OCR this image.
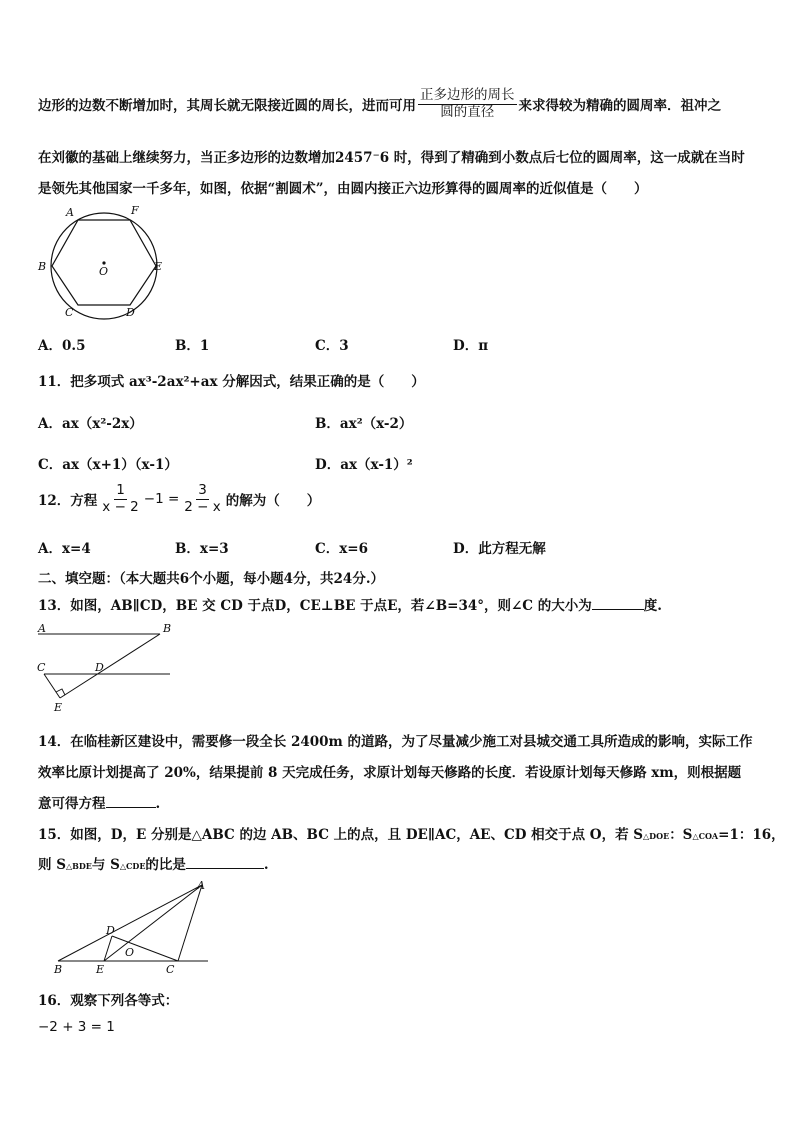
边形的边数不断增加时，其周长就无限接近圆的周长，进而可用 $\frac{\text{正多边形的周长}}{\text{圆的直径}}$ 来求得较为精确的圆周率．祖冲之
在刘徽的基础上继续努力，当正多边形的边数增加2457⁻6 时，得到了精确到小数点后七位的圆周率，这一成就在当时
是领先其他国家一千多年，如图，依据“割圆术”，由圆内接正六边形算得的圆周率的近似值是（　　）
A	F
B	O	E
C	D
A．0.5	B．1	C．3	D．π
11．把多项式 ax³-2ax²+ax 分解因式，结果正确的是（　　）
A．ax（x²-2x）	B．ax²（x-2）
C．ax（x+1）（x-1）	D．ax（x-1）²
12．方程 $\frac{1}{x - 2} -1 = \frac{3}{2 - x}$ 的解为（　　）
A．x=4	B．x=3	C．x=6	D．此方程无解
二、填空题：（本大题共6个小题，每小题4分，共24分.）
13．如图，AB∥CD，BE 交 CD 于点D，CE⊥BE 于点E，若∠B=34°，则∠C 的大小为	度.
A	B
C	D
E
14．在临桂新区建设中，需要修一段全长 2400m 的道路，为了尽量减少施工对县城交通工具所造成的影响，实际工作
效率比原计划提高了 20%，结果提前 8 天完成任务，求原计划每天修路的长度．若设原计划每天修路 xm，则根据题
意可得方程	.
15．如图，D，E 分别是△ABC 的边 AB、BC 上的点，且 DE∥AC，AE、CD 相交于点 O，若 S△DOE：S△COA=1：16，
则 S△BDE与 S△CDE的比是	.
A
D
O
B	E	C
16．观察下列各等式：
−2 + 3 = 1
